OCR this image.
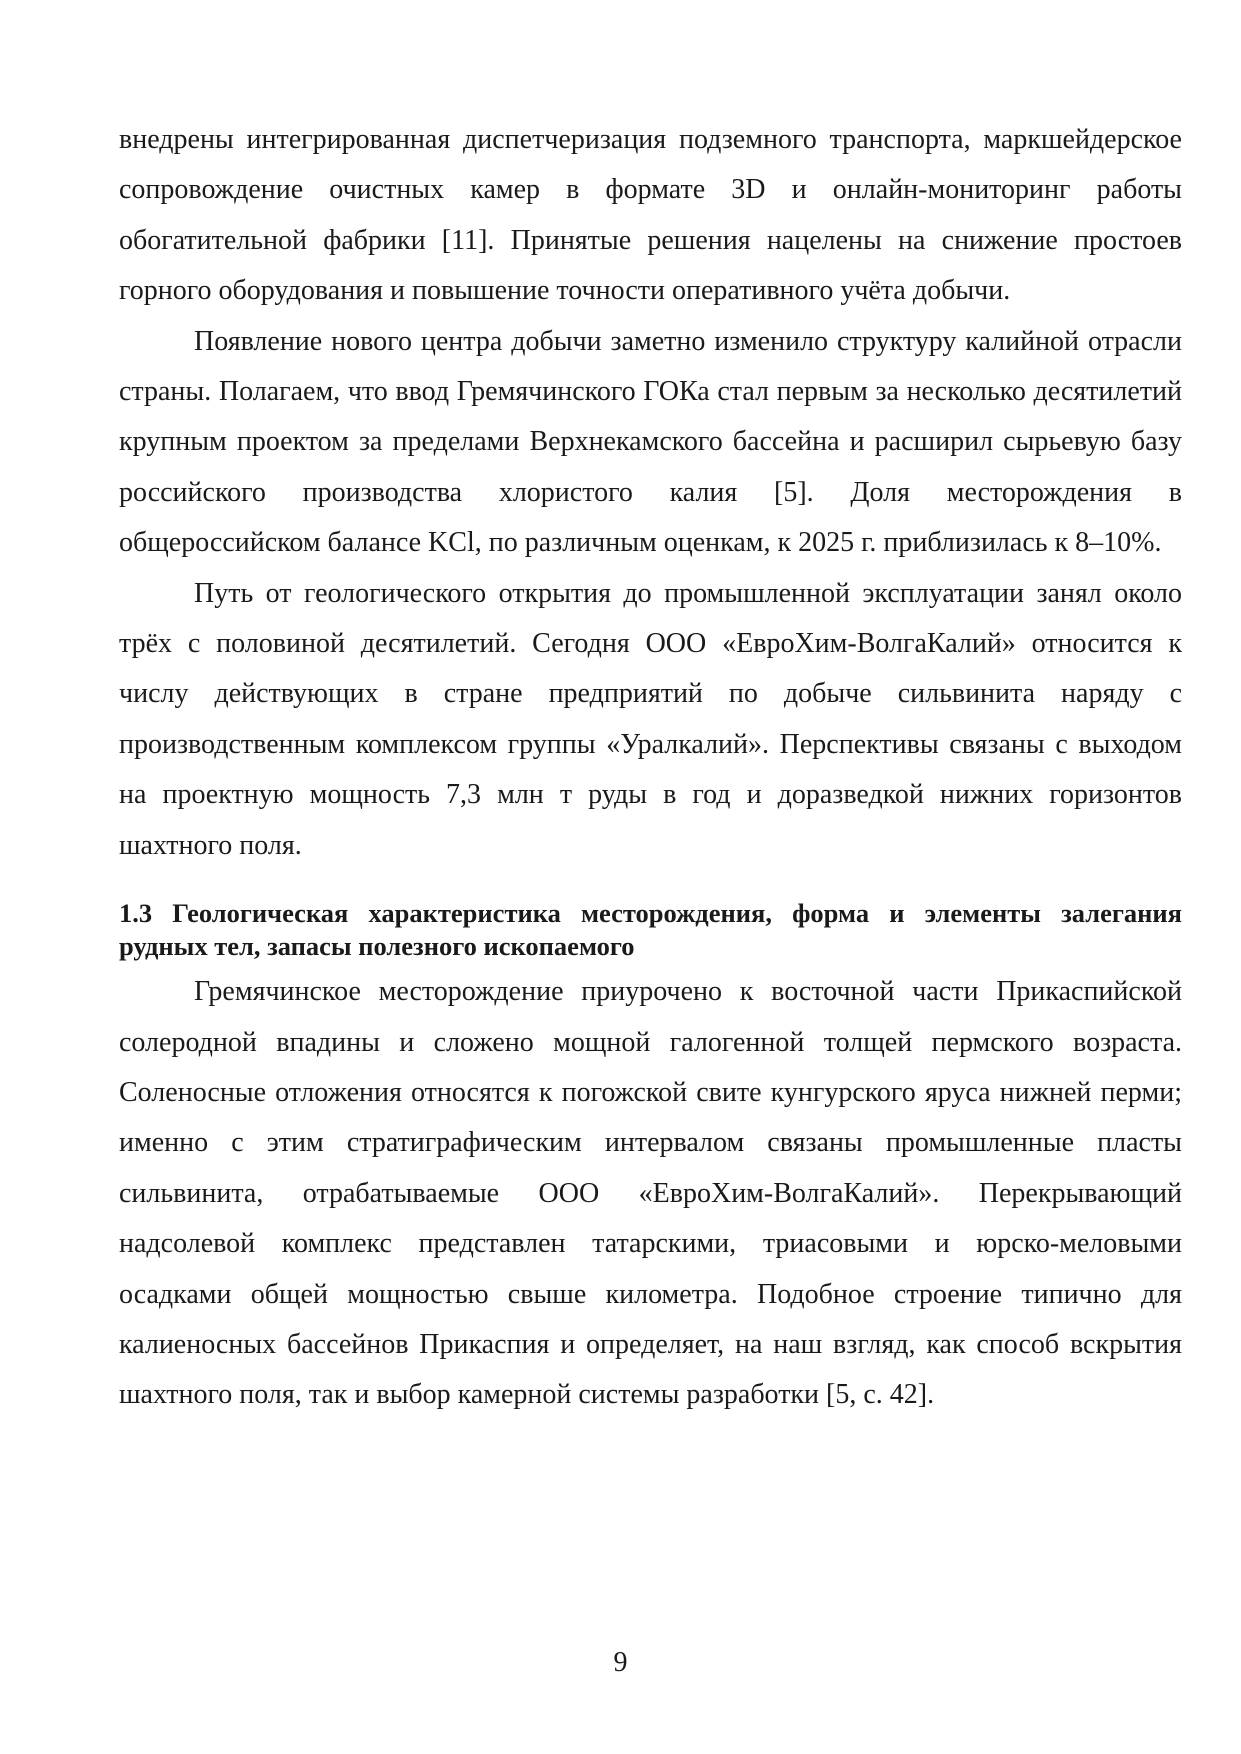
внедрены интегрированная диспетчеризация подземного транспорта, маркшейдерское сопровождение очистных камер в формате 3D и онлайн-мониторинг работы обогатительной фабрики [11]. Принятые решения нацелены на снижение простоев горного оборудования и повышение точности оперативного учёта добычи.

Появление нового центра добычи заметно изменило структуру калийной отрасли страны. Полагаем, что ввод Гремячинского ГОКа стал первым за несколько десятилетий крупным проектом за пределами Верхнекамского бассейна и расширил сырьевую базу российского производства хлористого калия [5]. Доля месторождения в общероссийском балансе KCl, по различным оценкам, к 2025 г. приблизилась к 8–10%.

Путь от геологического открытия до промышленной эксплуатации занял около трёх с половиной десятилетий. Сегодня ООО «ЕвроХим-ВолгаКалий» относится к числу действующих в стране предприятий по добыче сильвинита наряду с производственным комплексом группы «Уралкалий». Перспективы связаны с выходом на проектную мощность 7,3 млн т руды в год и доразведкой нижних горизонтов шахтного поля.

1.3 Геологическая характеристика месторождения, форма и элементы залегания рудных тел, запасы полезного ископаемого

Гремячинское месторождение приурочено к восточной части Прикаспийской солеродной впадины и сложено мощной галогенной толщей пермского возраста. Соленосные отложения относятся к погожской свите кунгурского яруса нижней перми; именно с этим стратиграфическим интервалом связаны промышленные пласты сильвинита, отрабатываемые ООО «ЕвроХим-ВолгаКалий». Перекрывающий надсолевой комплекс представлен татарскими, триасовыми и юрско-меловыми осадками общей мощностью свыше километра. Подобное строение типично для калиеносных бассейнов Прикаспия и определяет, на наш взгляд, как способ вскрытия шахтного поля, так и выбор камерной системы разработки [5, с. 42].

9
